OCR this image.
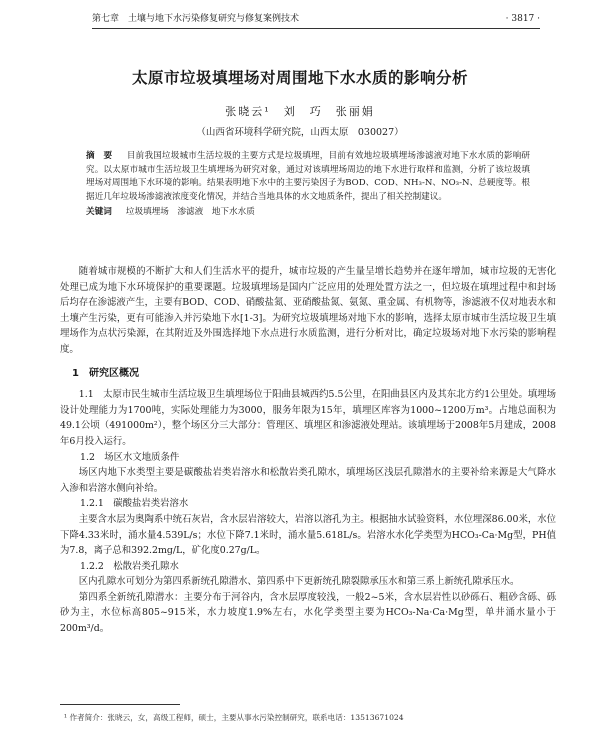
第七章　土壤与地下水污染修复研究与修复案例技术	· 3817 ·
太原市垃圾填埋场对周围地下水水质的影响分析
张晓云¹　刘　巧　张丽娟
（山西省环境科学研究院，山西太原　030027）
摘　要 　 目前我国垃圾城市生活垃圾的主要方式是垃圾填埋，目前有效地垃圾填埋场渗滤液对地下水水质的影响研究。以太原市城市生活垃圾卫生填埋场为研究对象，通过对该填埋场周边的地下水进行取样和监测，分析了该垃圾填埋场对周围地下水环境的影响。结果表明地下水中的主要污染因子为BOD、COD、NH₃-N、NO₃-N、总硬度等。根据近几年垃圾场渗滤液浓度变化情况，并结合当地具体的水文地质条件，提出了相关控制建议。
关键词 　 垃圾填埋场　渗滤液　地下水水质

随着城市规模的不断扩大和人们生活水平的提升，城市垃圾的产生量呈增长趋势并在逐年增加，城市垃圾的无害化处理已成为地下水环境保护的重要课题。垃圾填埋场是国内广泛应用的处理处置方法之一，但垃圾在填埋过程中和封场后均存在渗滤液产生，主要有BOD、COD、硝酸盐氮、亚硝酸盐氮、氨氮、重金属、有机物等，渗滤液不仅对地表水和土壤产生污染，更有可能渗入并污染地下水[1-3]。为研究垃圾填埋场对地下水的影响，选择太原市城市生活垃圾卫生填埋场作为点状污染源，在其附近及外围选择地下水点进行水质监测，进行分析对比，确定垃圾场对地下水污染的影响程度。

1　研究区概况

1.1　太原市民生城市生活垃圾卫生填埋场位于阳曲县城西约5.5公里，在阳曲县区内及其东北方约1公里处。填埋场设计处理能力为1700吨，实际处理能力为3000，服务年限为15年，填埋区库容为1000~1200万m³。占地总面积为49.1公顷（491000m²），整个场区分三大部分：管理区、填埋区和渗滤液处理站。该填埋场于2008年5月建成，2008年6月投入运行。

1.2　场区水文地质条件

场区内地下水类型主要是碳酸盐岩类岩溶水和松散岩类孔隙水，填埋场区浅层孔隙潜水的主要补给来源是大气降水入渗和岩溶水侧向补给。

1.2.1　碳酸盐岩类岩溶水

主要含水层为奥陶系中统石灰岩，含水层岩溶较大，岩溶以溶孔为主。根据抽水试验资料，水位埋深86.00米，水位下降4.33米时，涌水量4.539L/s；水位下降7.1米时，涌水量5.618L/s。岩溶水水化学类型为HCO₃-Ca·Mg型，PH值为7.8，离子总和392.2mg/L，矿化度0.27g/L。

1.2.2　松散岩类孔隙水

区内孔隙水可划分为第四系新统孔隙潜水、第四系中下更新统孔隙裂隙承压水和第三系上新统孔隙承压水。

第四系全新统孔隙潜水：主要分布于河谷内，含水层厚度较浅，一般2~5米，含水层岩性以砂砾石、粗砂含砾、砾砂为主，水位标高805~915米，水力坡度1.9%左右，水化学类型主要为HCO₃-Na·Ca·Mg型，单井涌水量小于200m³/d。

¹ 作者简介：张晓云，女，高级工程师，硕士，主要从事水污染控制研究，联系电话：13513671024
